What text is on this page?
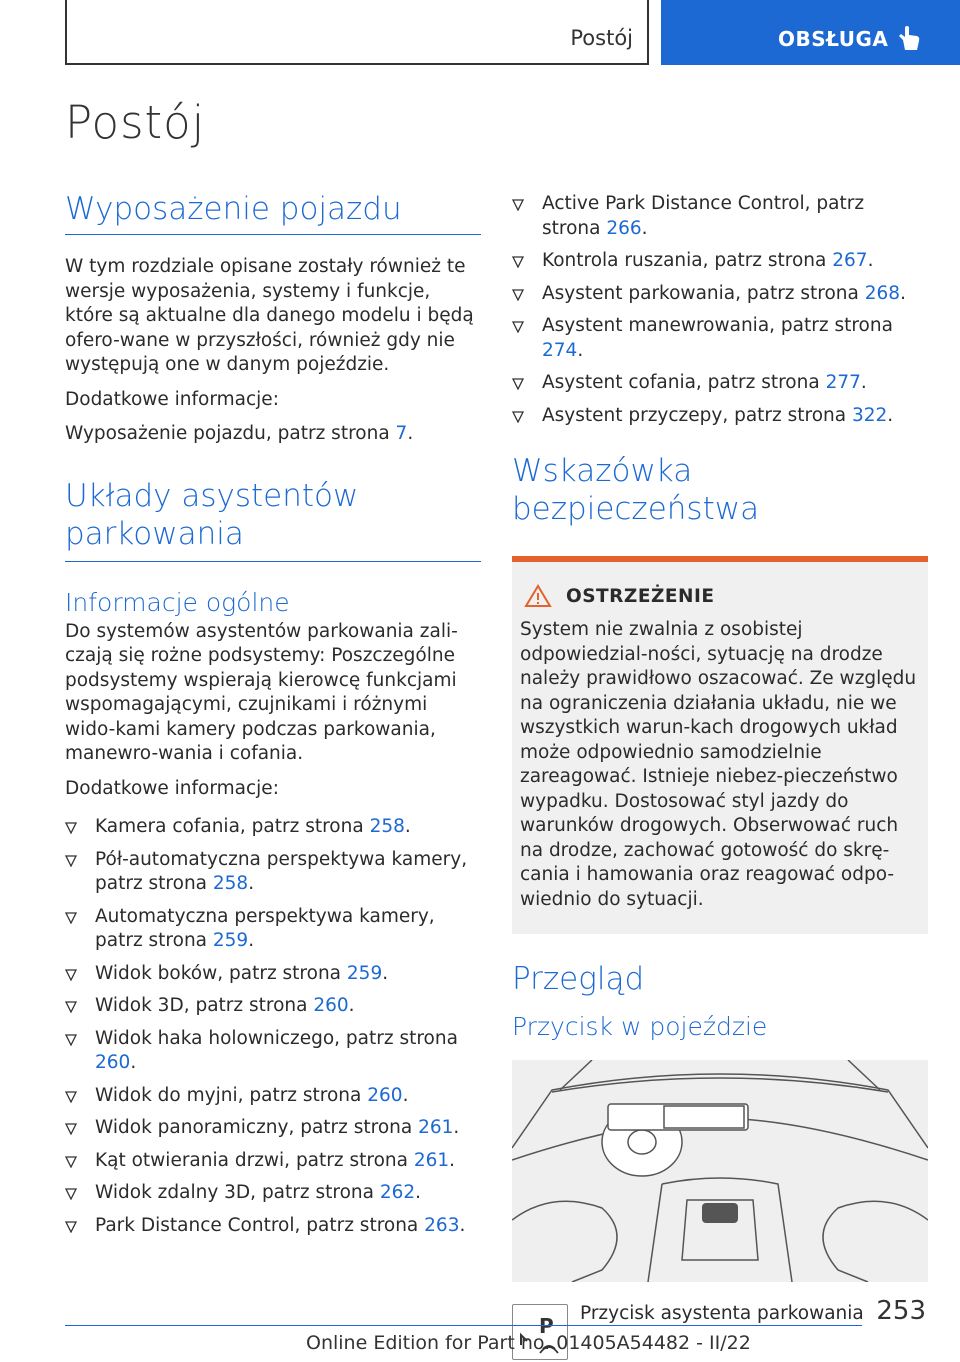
Postój	OBSŁUGA
Postój
Wyposażenie pojazdu

W tym rozdziale opisane zostały również te wersje wyposażenia, systemy i funkcje, które są aktualne dla danego modelu i będą ofero-wane w przyszłości, również gdy nie występują one w danym pojeździe.

Dodatkowe informacje:

Wyposażenie pojazdu, patrz strona 7.

Układy asystentów parkowania
Informacje ogólne

Do systemów asystentów parkowania zali-czają się rożne podsystemy: Poszczególne podsystemy wspierają kierowcę funkcjami wspomagającymi, czujnikami i różnymi wido-kami kamery podczas parkowania, manewro-wania i cofania.

Dodatkowe informacje:

Kamera cofania, patrz strona 258.
Pół-automatyczna perspektywa kamery, patrz strona 258.
Automatyczna perspektywa kamery, patrz strona 259.
Widok boków, patrz strona 259.
Widok 3D, patrz strona 260.
Widok haka holowniczego, patrz strona 260.
Widok do myjni, patrz strona 260.
Widok panoramiczny, patrz strona 261.
Kąt otwierania drzwi, patrz strona 261.
Widok zdalny 3D, patrz strona 262.
Park Distance Control, patrz strona 263.
Active Park Distance Control, patrz strona 266.
Kontrola ruszania, patrz strona 267.
Asystent parkowania, patrz strona 268.
Asystent manewrowania, patrz strona 274.
Asystent cofania, patrz strona 277.
Asystent przyczepy, patrz strona 322.
Wskazówka bezpieczeństwa
OSTRZEŻENIE

System nie zwalnia z osobistej odpowiedzial-ności, sytuację na drodze należy prawidłowo oszacować. Ze względu na ograniczenia działania układu, nie we wszystkich warun-kach drogowych układ może odpowiednio samodzielnie zareagować. Istnieje niebez-pieczeństwo wypadku. Dostosować styl jazdy do warunków drogowych. Obserwować ruch na drodze, zachować gotowość do skrę-cania i hamowania oraz reagować odpo-wiednio do sytuacji.

Przegląd
Przycisk w pojeździe
P
Przycisk asystenta parkowania 253
Online Edition for Part no. 01405A54482 - II/22
